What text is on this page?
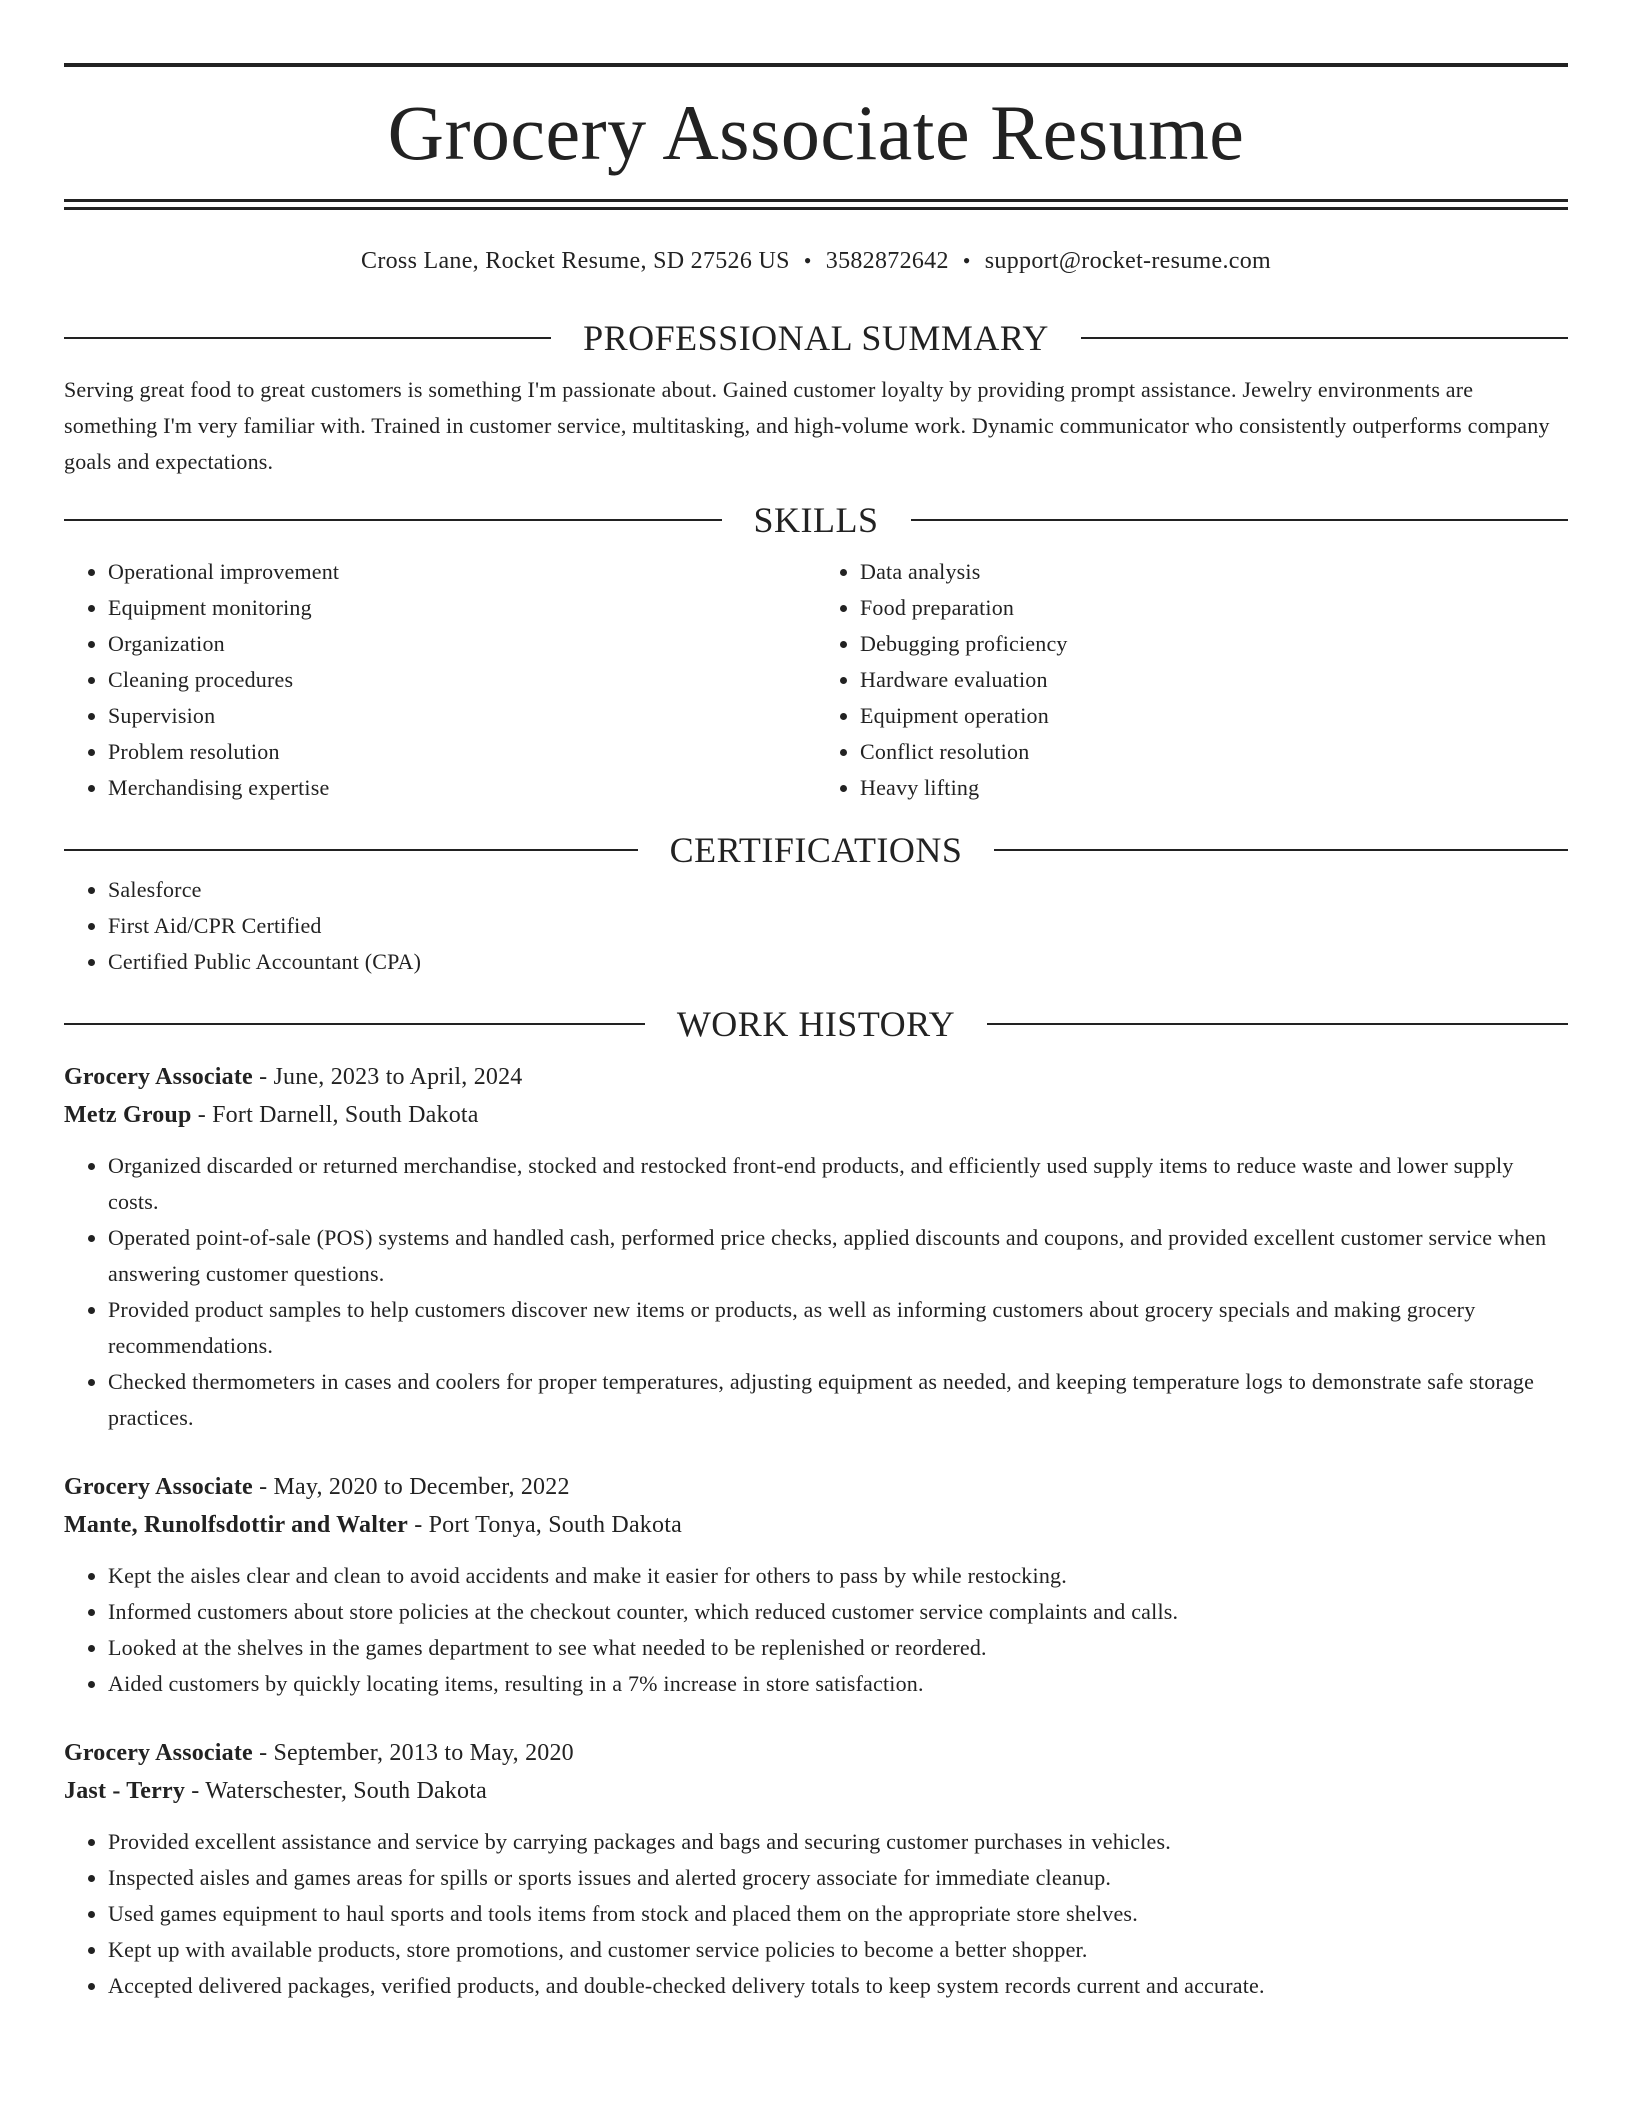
Grocery Associate Resume
Cross Lane, Rocket Resume, SD 27526 US • 3582872642 • support@rocket-resume.com
PROFESSIONAL SUMMARY
Serving great food to great customers is something I'm passionate about. Gained customer loyalty by providing prompt assistance. Jewelry environments are something I'm very familiar with. Trained in customer service, multitasking, and high-volume work. Dynamic communicator who consistently outperforms company goals and expectations.
SKILLS
• Operational improvement
• Equipment monitoring
• Organization
• Cleaning procedures
• Supervision
• Problem resolution
• Merchandising expertise
• Data analysis
• Food preparation
• Debugging proficiency
• Hardware evaluation
• Equipment operation
• Conflict resolution
• Heavy lifting
CERTIFICATIONS
• Salesforce
• First Aid/CPR Certified
• Certified Public Accountant (CPA)
WORK HISTORY
Grocery Associate - June, 2023 to April, 2024
Metz Group - Fort Darnell, South Dakota
• Organized discarded or returned merchandise, stocked and restocked front-end products, and efficiently used supply items to reduce waste and lower supply costs.
• Operated point-of-sale (POS) systems and handled cash, performed price checks, applied discounts and coupons, and provided excellent customer service when answering customer questions.
• Provided product samples to help customers discover new items or products, as well as informing customers about grocery specials and making grocery recommendations.
• Checked thermometers in cases and coolers for proper temperatures, adjusting equipment as needed, and keeping temperature logs to demonstrate safe storage practices.
Grocery Associate - May, 2020 to December, 2022
Mante, Runolfsdottir and Walter - Port Tonya, South Dakota
• Kept the aisles clear and clean to avoid accidents and make it easier for others to pass by while restocking.
• Informed customers about store policies at the checkout counter, which reduced customer service complaints and calls.
• Looked at the shelves in the games department to see what needed to be replenished or reordered.
• Aided customers by quickly locating items, resulting in a 7% increase in store satisfaction.
Grocery Associate - September, 2013 to May, 2020
Jast - Terry - Waterschester, South Dakota
• Provided excellent assistance and service by carrying packages and bags and securing customer purchases in vehicles.
• Inspected aisles and games areas for spills or sports issues and alerted grocery associate for immediate cleanup.
• Used games equipment to haul sports and tools items from stock and placed them on the appropriate store shelves.
• Kept up with available products, store promotions, and customer service policies to become a better shopper.
• Accepted delivered packages, verified products, and double-checked delivery totals to keep system records current and accurate.
